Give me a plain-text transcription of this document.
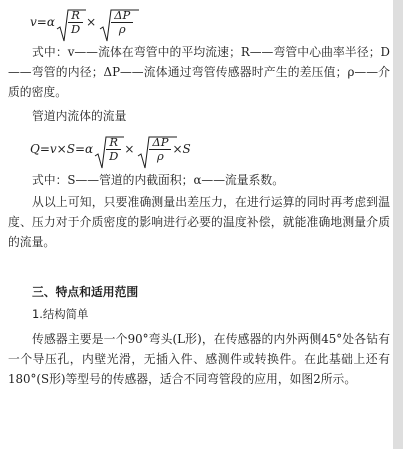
$v=\alpha \frac{R}{D} \times \frac{\Delta P}{\rho}$

式中：v——流体在弯管中的平均流速；R——弯管中心曲率半径；D——弯管的内径；ΔP——流体通过弯管传感器时产生的差压值；ρ——介质的密度。

管道内流体的流量
$Q=v\times S=\alpha \frac{R}{D} \times \frac{\Delta P}{\rho} \times S$

式中：S——管道的内截面积；α——流量系数。

从以上可知，只要准确测量出差压力，在进行运算的同时再考虑到温度、压力对于介质密度的影响进行必要的温度补偿，就能准确地测量介质的流量。

三、特点和适用范围
1.结构简单

传感器主要是一个90°弯头(L形)，在传感器的内外两侧45°处各钻有一个导压孔，内壁光滑，无插入件、感测件或转换件。在此基础上还有180°(S形)等型号的传感器，适合不同弯管段的应用，如图2所示。
